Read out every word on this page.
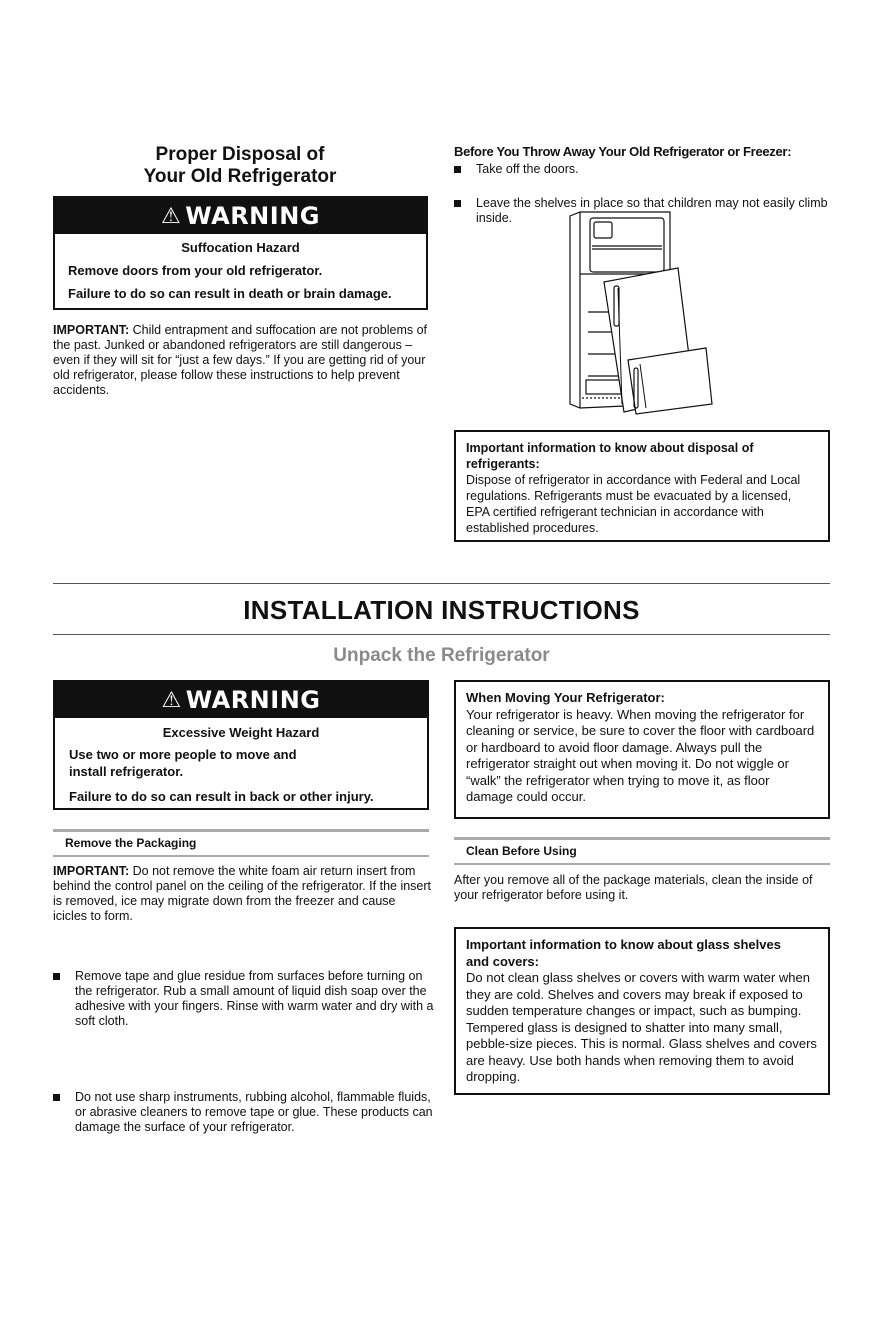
Proper Disposal of
Your Old Refrigerator
⚠ WARNING
Suffocation Hazard
Remove doors from your old refrigerator.
Failure to do so can result in death or brain damage.
IMPORTANT: Child entrapment and suffocation are not problems of the past. Junked or abandoned refrigerators are still dangerous – even if they will sit for “just a few days.” If you are getting rid of your old refrigerator, please follow these instructions to help prevent accidents.
Before You Throw Away Your Old Refrigerator or Freezer:
Take off the doors.
Leave the shelves in place so that children may not easily climb inside.
Important information to know about disposal of refrigerants:
Dispose of refrigerator in accordance with Federal and Local regulations. Refrigerants must be evacuated by a licensed, EPA certified refrigerant technician in accordance with established procedures.
INSTALLATION INSTRUCTIONS
Unpack the Refrigerator
⚠ WARNING
Excessive Weight Hazard
Use two or more people to move and install refrigerator.
Failure to do so can result in back or other injury.
When Moving Your Refrigerator:
Your refrigerator is heavy. When moving the refrigerator for cleaning or service, be sure to cover the floor with cardboard or hardboard to avoid floor damage. Always pull the refrigerator straight out when moving it. Do not wiggle or “walk” the refrigerator when trying to move it, as floor damage could occur.
Remove the Packaging
IMPORTANT: Do not remove the white foam air return insert from behind the control panel on the ceiling of the refrigerator. If the insert is removed, ice may migrate down from the freezer and cause icicles to form.
Remove tape and glue residue from surfaces before turning on the refrigerator. Rub a small amount of liquid dish soap over the adhesive with your fingers. Rinse with warm water and dry with a soft cloth.
Do not use sharp instruments, rubbing alcohol, flammable fluids, or abrasive cleaners to remove tape or glue. These products can damage the surface of your refrigerator.
Clean Before Using
After you remove all of the package materials, clean the inside of your refrigerator before using it.
Important information to know about glass shelves
and covers:
Do not clean glass shelves or covers with warm water when they are cold. Shelves and covers may break if exposed to sudden temperature changes or impact, such as bumping. Tempered glass is designed to shatter into many small, pebble-size pieces. This is normal. Glass shelves and covers are heavy. Use both hands when removing them to avoid dropping.
